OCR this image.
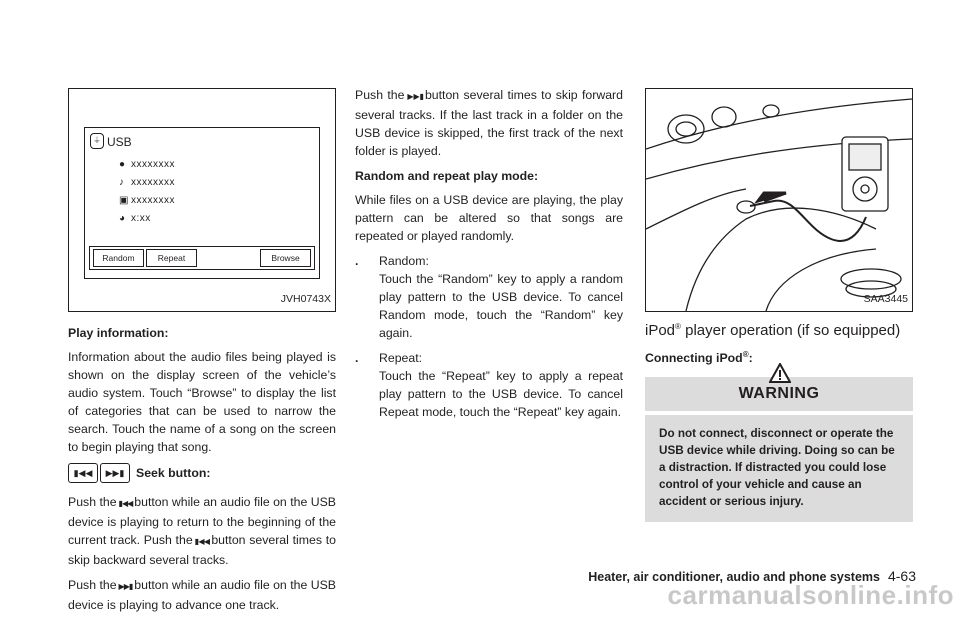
⏚ USB
● xxxxxxxx
♪ xxxxxxxx
▣ xxxxxxxx
◕ x:xx
Random	Repeat	Browse
JVH0743X
Play information:

Information about the audio files being played is shown on the display screen of the vehicle’s audio system. Touch “Browse” to display the list of categories that can be used to narrow the search. Touch the name of a song on the screen to begin playing that song.

▮◀◀	▶▶▮ Seek button:

Push the ▮◀◀ button while an audio file on the USB device is playing to return to the beginning of the current track. Push the ▮◀◀ button several times to skip backward several tracks.

Push the ▶▶▮ button while an audio file on the USB device is playing to advance one track.

Push the ▶▶▮ button several times to skip forward several tracks. If the last track in a folder on the USB device is skipped, the first track of the next folder is played.

Random and repeat play mode:

While files on a USB device are playing, the play pattern can be altered so that songs are repeated or played randomly.

.	Random:

Touch the “Random” key to apply a random play pattern to the USB device. To cancel Random mode, touch the “Random” key again.

.	Repeat:

Touch the “Repeat” key to apply a repeat play pattern to the USB device. To cancel Repeat mode, touch the “Repeat” key again.

SAA3445
iPod® player operation (if so equipped)
Connecting iPod®:
WARNING
Do not connect, disconnect or operate the USB device while driving. Doing so can be a distraction. If distracted you could lose control of your vehicle and cause an accident or serious injury.
Heater, air conditioner, audio and phone systems 4-63
carmanualsonline.info
